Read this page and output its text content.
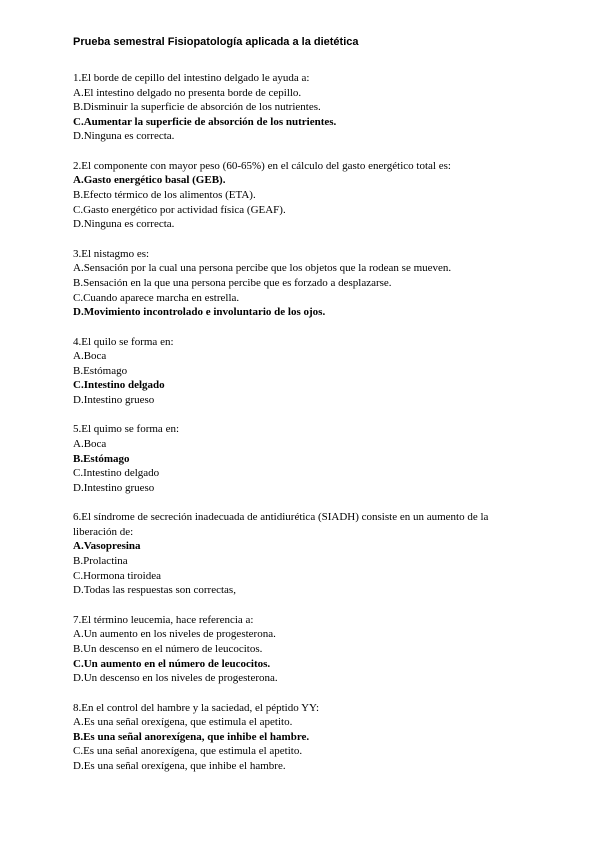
Prueba semestral Fisiopatología aplicada a la dietética

1.El borde de cepillo del intestino delgado le ayuda a:

A.El intestino delgado no presenta borde de cepillo.

B.Disminuir la superficie de absorción de los nutrientes.

C.Aumentar la superficie de absorción de los nutrientes.

D.Ninguna es correcta.

2.El componente con mayor peso (60-65%) en el cálculo del gasto energético total es:

A.Gasto energético basal (GEB).

B.Efecto térmico de los alimentos (ETA).

C.Gasto energético por actividad física (GEAF).

D.Ninguna es correcta.

3.El nistagmo es:

A.Sensación por la cual una persona percibe que los objetos que la rodean se mueven.

B.Sensación en la que una persona percibe que es forzado a desplazarse.

C.Cuando aparece marcha en estrella.

D.Movimiento incontrolado e involuntario de los ojos.

4.El quilo se forma en:

A.Boca

B.Estómago

C.Intestino delgado

D.Intestino grueso

5.El quimo se forma en:

A.Boca

B.Estómago

C.Intestino delgado

D.Intestino grueso

6.El síndrome de secreción inadecuada de antidiurética (SIADH) consiste en un aumento de la liberación de:

A.Vasopresina

B.Prolactina

C.Hormona tiroidea

D.Todas las respuestas son correctas,

7.El término leucemia, hace referencia a:

A.Un aumento en los niveles de progesterona.

B.Un descenso en el número de leucocitos.

C.Un aumento en el número de leucocitos.

D.Un descenso en los niveles de progesterona.

8.En el control del hambre y la saciedad, el péptido YY:

A.Es una señal orexígena, que estimula el apetito.

B.Es una señal anorexígena, que inhibe el hambre.

C.Es una señal anorexígena, que estimula el apetito.

D.Es una señal orexígena, que inhibe el hambre.
